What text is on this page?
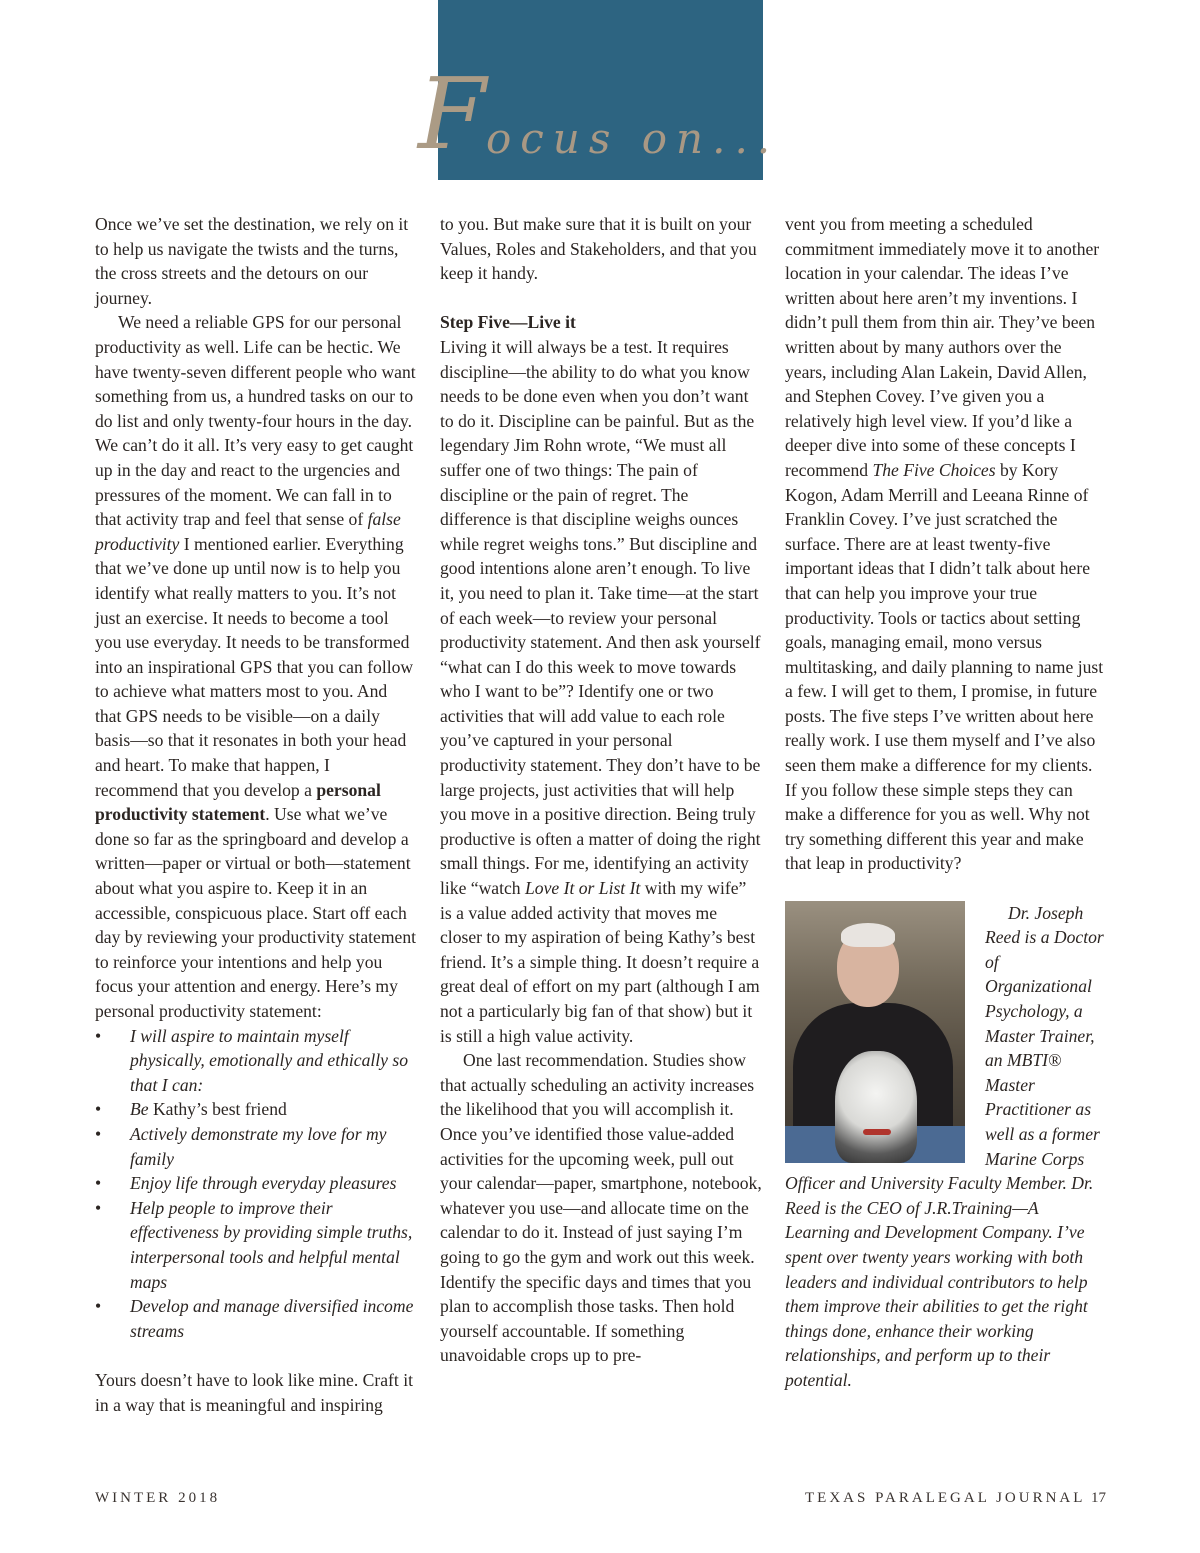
F ocus on...

Once we’ve set the destination, we rely on it to help us navigate the twists and the turns, the cross streets and the detours on our journey.

We need a reliable GPS for our personal productivity as well. Life can be hectic. We have twenty-seven different people who want something from us, a hundred tasks on our to do list and only twenty-four hours in the day. We can’t do it all. It’s very easy to get caught up in the day and react to the urgencies and pressures of the moment. We can fall in to that activity trap and feel that sense of false productivity I mentioned earlier. Everything that we’ve done up until now is to help you identify what really matters to you. It’s not just an exercise. It needs to become a tool you use everyday. It needs to be transformed into an inspirational GPS that you can follow to achieve what matters most to you. And that GPS needs to be visible—on a daily basis—so that it resonates in both your head and heart. To make that happen, I recommend that you develop a personal productivity statement. Use what we’ve done so far as the springboard and develop a written—paper or virtual or both—statement about what you aspire to. Keep it in an accessible, conspicuous place. Start off each day by reviewing your productivity statement to reinforce your intentions and help you focus your attention and energy. Here’s my personal productivity statement:

• I will aspire to maintain myself physically, emotionally and ethically so that I can:
• Be Kathy’s best friend
• Actively demonstrate my love for my family
• Enjoy life through everyday pleasures
• Help people to improve their effectiveness by providing simple truths, interpersonal tools and helpful mental maps
• Develop and manage diversified income streams

Yours doesn’t have to look like mine. Craft it in a way that is meaningful and inspiring

to you. But make sure that it is built on your Values, Roles and Stakeholders, and that you keep it handy.

Step Five—Live it

Living it will always be a test. It requires discipline—the ability to do what you know needs to be done even when you don’t want to do it. Discipline can be painful. But as the legendary Jim Rohn wrote, “We must all suffer one of two things: The pain of discipline or the pain of regret. The difference is that discipline weighs ounces while regret weighs tons.” But discipline and good intentions alone aren’t enough. To live it, you need to plan it. Take time—at the start of each week—to review your personal productivity statement. And then ask yourself “what can I do this week to move towards who I want to be”? Identify one or two activities that will add value to each role you’ve captured in your personal productivity statement. They don’t have to be large projects, just activities that will help you move in a positive direction. Being truly productive is often a matter of doing the right small things. For me, identifying an activity like “watch Love It or List It with my wife” is a value added activity that moves me closer to my aspiration of being Kathy’s best friend. It’s a simple thing. It doesn’t require a great deal of effort on my part (although I am not a particularly big fan of that show) but it is still a high value activity.

One last recommendation. Studies show that actually scheduling an activity increases the likelihood that you will accomplish it. Once you’ve identified those value-added activities for the upcoming week, pull out your calendar—paper, smartphone, notebook, whatever you use—and allocate time on the calendar to do it. Instead of just saying I’m going to go the gym and work out this week. Identify the specific days and times that you plan to accomplish those tasks. Then hold yourself accountable. If something unavoidable crops up to pre-

vent you from meeting a scheduled commitment immediately move it to another location in your calendar. The ideas I’ve written about here aren’t my inventions. I didn’t pull them from thin air. They’ve been written about by many authors over the years, including Alan Lakein, David Allen, and Stephen Covey. I’ve given you a relatively high level view. If you’d like a deeper dive into some of these concepts I recommend The Five Choices by Kory Kogon, Adam Merrill and Leeana Rinne of Franklin Covey. I’ve just scratched the surface. There are at least twenty-five important ideas that I didn’t talk about here that can help you improve your true productivity. Tools or tactics about setting goals, managing email, mono versus multitasking, and daily planning to name just a few. I will get to them, I promise, in future posts. The five steps I’ve written about here really work. I use them myself and I’ve also seen them make a difference for my clients. If you follow these simple steps they can make a difference for you as well. Why not try something different this year and make that leap in productivity?

Dr. Joseph Reed is a Doctor of Organizational Psychology, a Master Trainer, an MBTI® Master Practitioner as well as a former Marine Corps Officer and University Faculty Member. Dr. Reed is the CEO of J.R.Training—A Learning and Development Company. I’ve spent over twenty years working with both leaders and individual contributors to help them improve their abilities to get the right things done, enhance their working relationships, and perform up to their potential.

WINTER 2018	TEXAS PARALEGAL JOURNAL 17
